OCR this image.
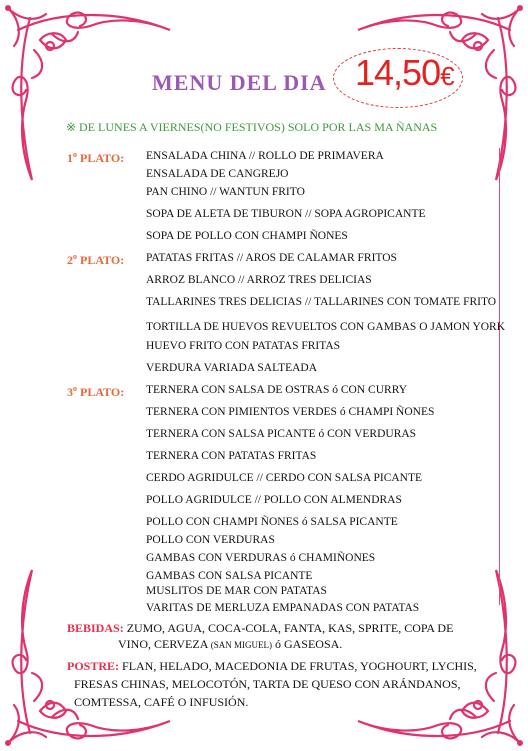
MENU DEL DIA 14,50€
※ DE LUNES A VIERNES(NO FESTIVOS) SOLO POR LAS MA ÑANAS
1$^o$ PLATO: ENSALADA CHINA // ROLLO DE PRIMAVERA
ENSALADA DE CANGREJO
PAN CHINO // WANTUN FRITO
SOPA DE ALETA DE TIBURON // SOPA AGROPICANTE
SOPA DE POLLO CON CHAMPI ÑONES
2$^o$ PLATO: PATATAS FRITAS // AROS DE CALAMAR FRITOS
ARROZ BLANCO // ARROZ TRES DELICIAS
TALLARINES TRES DELICIAS // TALLARINES CON TOMATE FRITO
TORTILLA DE HUEVOS REVUELTOS CON GAMBAS O JAMON YORK
HUEVO FRITO CON PATATAS FRITAS
VERDURA VARIADA SALTEADA
3$^o$ PLATO: TERNERA CON SALSA DE OSTRAS ó CON CURRY
TERNERA CON PIMIENTOS VERDES ó CHAMPI ÑONES
TERNERA CON SALSA PICANTE ó CON VERDURAS
TERNERA CON PATATAS FRITAS
CERDO AGRIDULCE // CERDO CON SALSA PICANTE
POLLO AGRIDULCE // POLLO CON ALMENDRAS
POLLO CON CHAMPI ÑONES ó SALSA PICANTE
POLLO CON VERDURAS
GAMBAS CON VERDURAS ó CHAMIÑONES
GAMBAS CON SALSA PICANTE
MUSLITOS DE MAR CON PATATAS
VARITAS DE MERLUZA EMPANADAS CON PATATAS
BEBIDAS: ZUMO, AGUA, COCA-COLA, FANTA, KAS, SPRITE, COPA DE
VINO, CERVEZA (SAN MIGUEL) ó GASEOSA.
POSTRE: FLAN, HELADO, MACEDONIA DE FRUTAS, YOGHOURT, LYCHIS,
FRESAS CHINAS, MELOCOTÓN, TARTA DE QUESO CON ARÁNDANOS,
COMTESSA, CAFÉ O INFUSIÓN.
